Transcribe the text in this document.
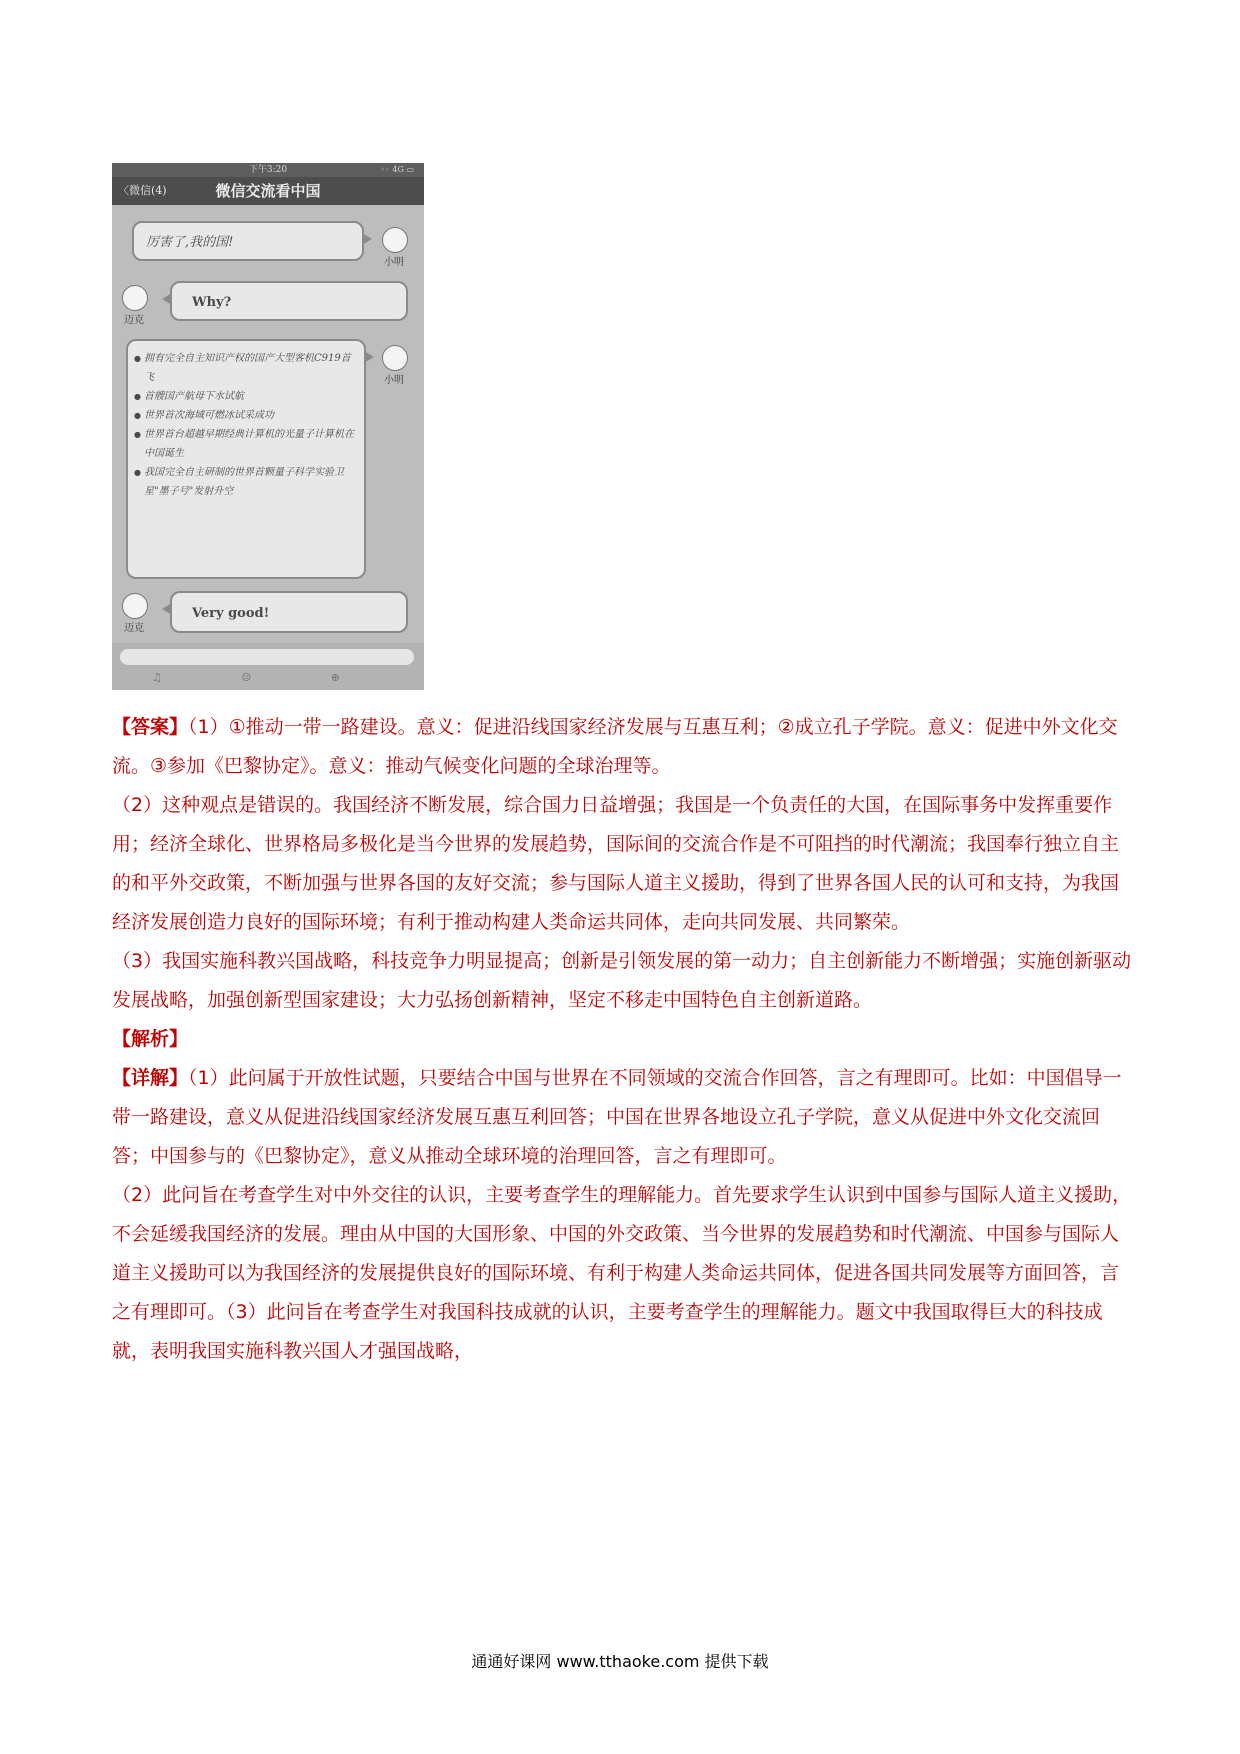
下午3:20	◦◦ 4G ▭
〈微信(4)	微信交流看中国
厉害了,我的国!
小明
迈克
Why?
● 拥有完全自主知识产权的国产大型客机C919首飞
● 首艘国产航母下水试航
● 世界首次海域可燃冰试采成功
● 世界首台超越早期经典计算机的光量子计算机在中国诞生
● 我国完全自主研制的世界首颗量子科学实验卫星"墨子号"发射升空
小明
迈克
Very good!
♫ ☺ ⊕

【答案】（1）①推动一带一路建设。意义：促进沿线国家经济发展与互惠互利；②成立孔子学院。意义：促进中外文化交流。③参加《巴黎协定》。意义：推动气候变化问题的全球治理等。

（2）这种观点是错误的。我国经济不断发展，综合国力日益增强；我国是一个负责任的大国，在国际事务中发挥重要作用；经济全球化、世界格局多极化是当今世界的发展趋势，国际间的交流合作是不可阻挡的时代潮流；我国奉行独立自主的和平外交政策，不断加强与世界各国的友好交流；参与国际人道主义援助，得到了世界各国人民的认可和支持，为我国经济发展创造力良好的国际环境；有利于推动构建人类命运共同体，走向共同发展、共同繁荣。

（3）我国实施科教兴国战略，科技竞争力明显提高；创新是引领发展的第一动力；自主创新能力不断增强；实施创新驱动发展战略，加强创新型国家建设；大力弘扬创新精神，坚定不移走中国特色自主创新道路。

【解析】

【详解】（1）此问属于开放性试题，只要结合中国与世界在不同领域的交流合作回答，言之有理即可。比如：中国倡导一带一路建设，意义从促进沿线国家经济发展互惠互利回答；中国在世界各地设立孔子学院，意义从促进中外文化交流回答；中国参与的《巴黎协定》，意义从推动全球环境的治理回答，言之有理即可。

（2）此问旨在考查学生对中外交往的认识，主要考查学生的理解能力。首先要求学生认识到中国参与国际人道主义援助，不会延缓我国经济的发展。理由从中国的大国形象、中国的外交政策、当今世界的发展趋势和时代潮流、中国参与国际人道主义援助可以为我国经济的发展提供良好的国际环境、有利于构建人类命运共同体，促进各国共同发展等方面回答，言之有理即可。（3）此问旨在考查学生对我国科技成就的认识，主要考查学生的理解能力。题文中我国取得巨大的科技成就，表明我国实施科教兴国人才强国战略，

通通好课网 www.tthaoke.com 提供下载
